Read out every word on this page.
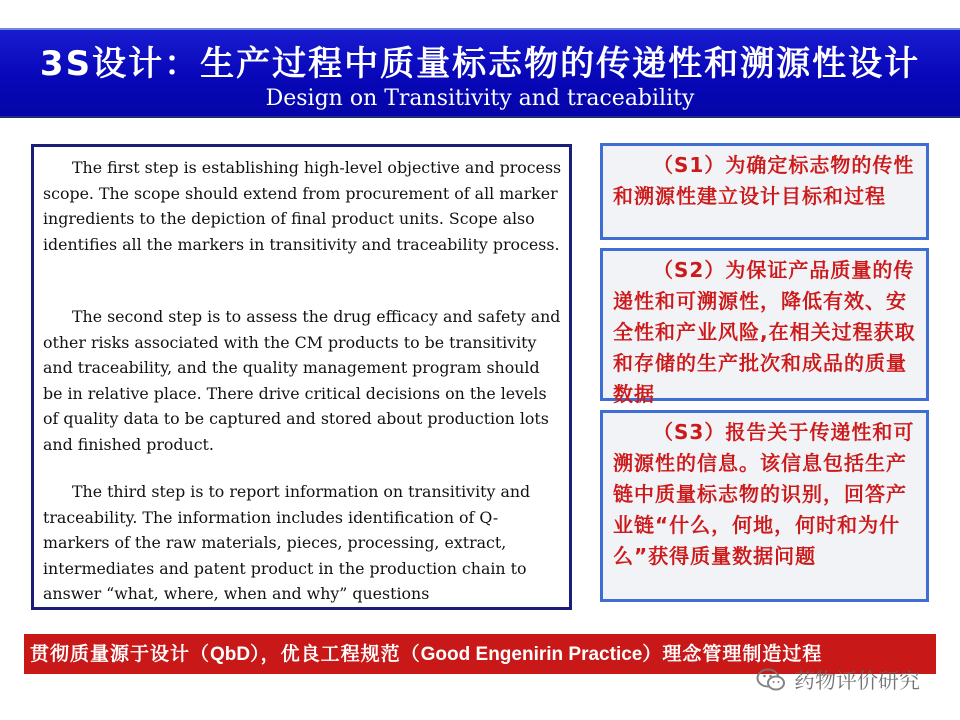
3S设计：生产过程中质量标志物的传递性和溯源性设计
Design on Transitivity and traceability

The first step is establishing high-level objective and process scope. The scope should extend from procurement of all marker ingredients to the depiction of final product units. Scope also identifies all the markers in transitivity and traceability process.

The second step is to assess the drug efficacy and safety and other risks associated with the CM products to be transitivity and traceability, and the quality management program should be in relative place. There drive critical decisions on the levels of quality data to be captured and stored about production lots and finished product.

The third step is to report information on transitivity and traceability. The information includes identification of Q-markers of the raw materials, pieces, processing, extract, intermediates and patent product in the production chain to answer “what, where, when and why” questions

（S1）为确定标志物的传性和溯源性建立设计目标和过程

（S2）为保证产品质量的传递性和可溯源性，降低有效、安全性和产业风险,在相关过程获取和存储的生产批次和成品的质量数据

（S3）报告关于传递性和可溯源性的信息。该信息包括生产链中质量标志物的识别，回答产业链“什么，何地，何时和为什么”获得质量数据问题

贯彻质量源于设计（QbD），优良工程规范（Good Engenirin Practice）理念管理制造过程
药物评价研究
